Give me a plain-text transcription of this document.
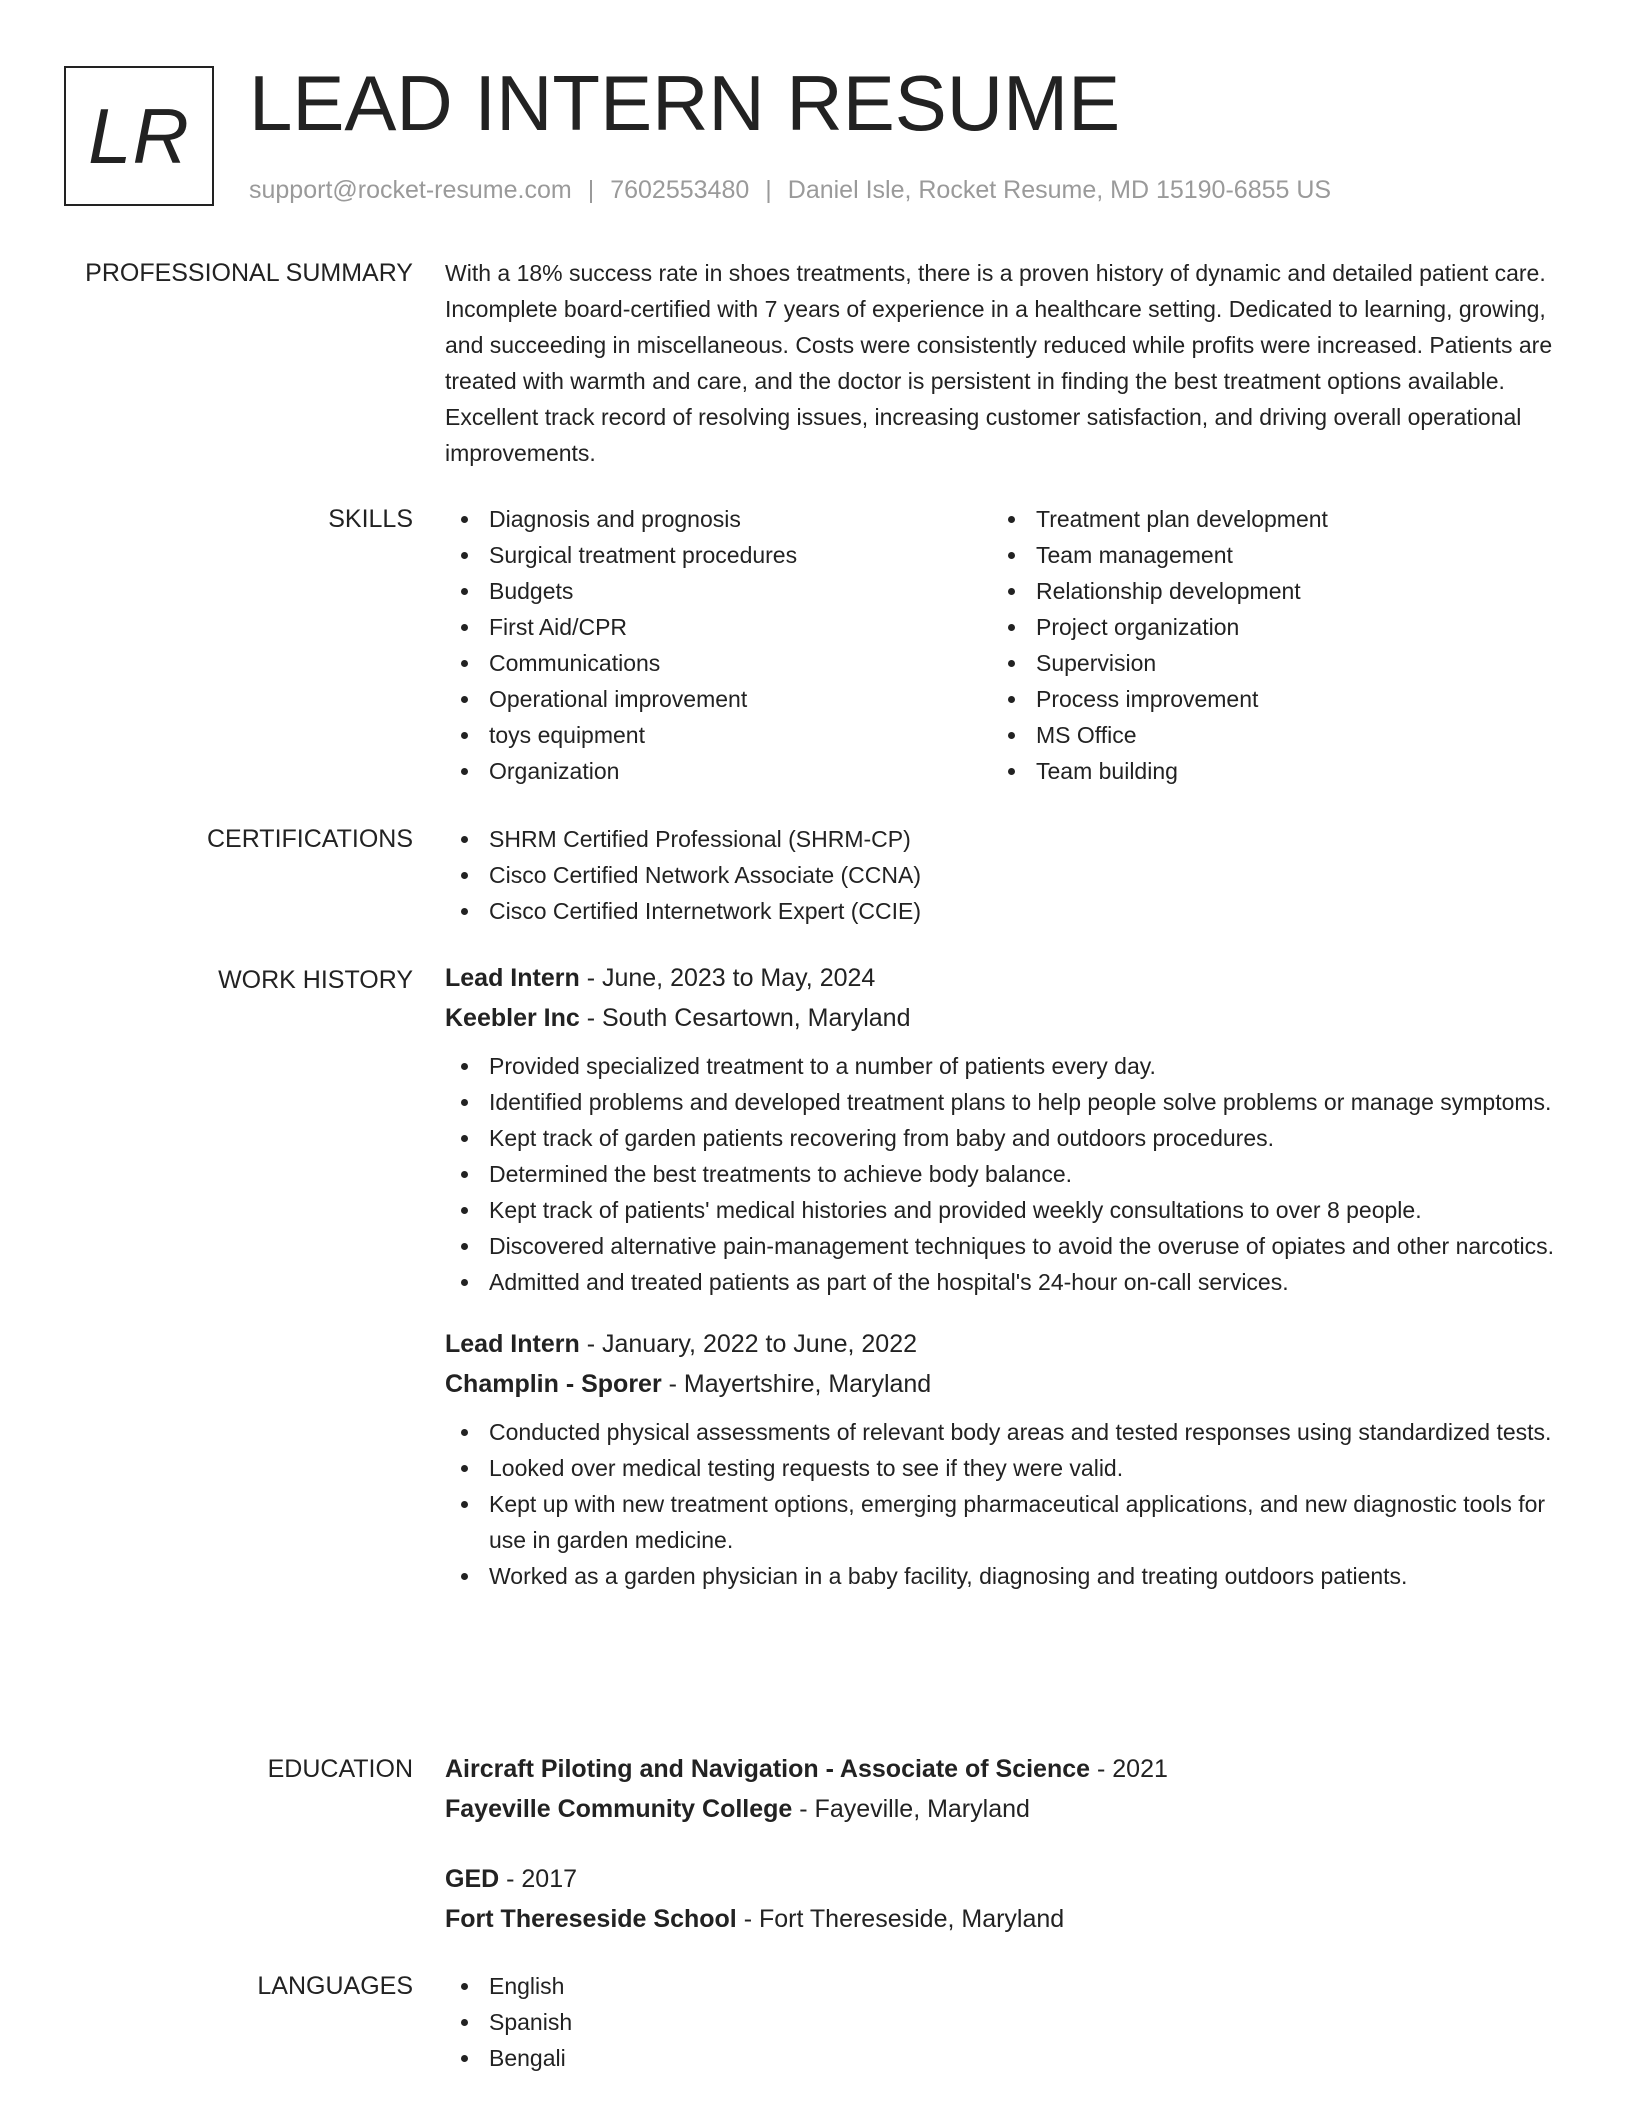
LR LEAD INTERN RESUME
support@rocket-resume.com | 7602553480 | Daniel Isle, Rocket Resume, MD 15190-6855 US
PROFESSIONAL SUMMARY With a 18% success rate in shoes treatments, there is a proven history of dynamic and detailed patient care. Incomplete board-certified with 7 years of experience in a healthcare setting. Dedicated to learning, growing, and succeeding in miscellaneous. Costs were consistently reduced while profits were increased. Patients are treated with warmth and care, and the doctor is persistent in finding the best treatment options available. Excellent track record of resolving issues, increasing customer satisfaction, and driving overall operational improvements.

SKILLS	Diagnosis and prognosis
Surgical treatment procedures
Budgets
First Aid/CPR
Communications
Operational improvement
toys equipment
Organization
Treatment plan development
Team management
Relationship development
Project organization
Supervision
Process improvement
MS Office
Team building
CERTIFICATIONS	SHRM Certified Professional (SHRM-CP)
Cisco Certified Network Associate (CCNA)
Cisco Certified Internetwork Expert (CCIE)
WORK HISTORY Lead Intern - June, 2023 to May, 2024
Keebler Inc - South Cesartown, Maryland
Provided specialized treatment to a number of patients every day.
Identified problems and developed treatment plans to help people solve problems or manage symptoms.
Kept track of garden patients recovering from baby and outdoors procedures.
Determined the best treatments to achieve body balance.
Kept track of patients' medical histories and provided weekly consultations to over 8 people.
Discovered alternative pain-management techniques to avoid the overuse of opiates and other narcotics.
Admitted and treated patients as part of the hospital's 24-hour on-call services.
Lead Intern - January, 2022 to June, 2022
Champlin - Sporer - Mayertshire, Maryland
Conducted physical assessments of relevant body areas and tested responses using standardized tests.
Looked over medical testing requests to see if they were valid.
Kept up with new treatment options, emerging pharmaceutical applications, and new diagnostic tools for use in garden medicine.
Worked as a garden physician in a baby facility, diagnosing and treating outdoors patients.
EDUCATION Aircraft Piloting and Navigation - Associate of Science - 2021
Fayeville Community College - Fayeville, Maryland
GED - 2017
Fort Thereseside School - Fort Thereseside, Maryland
LANGUAGES	English
Spanish
Bengali
